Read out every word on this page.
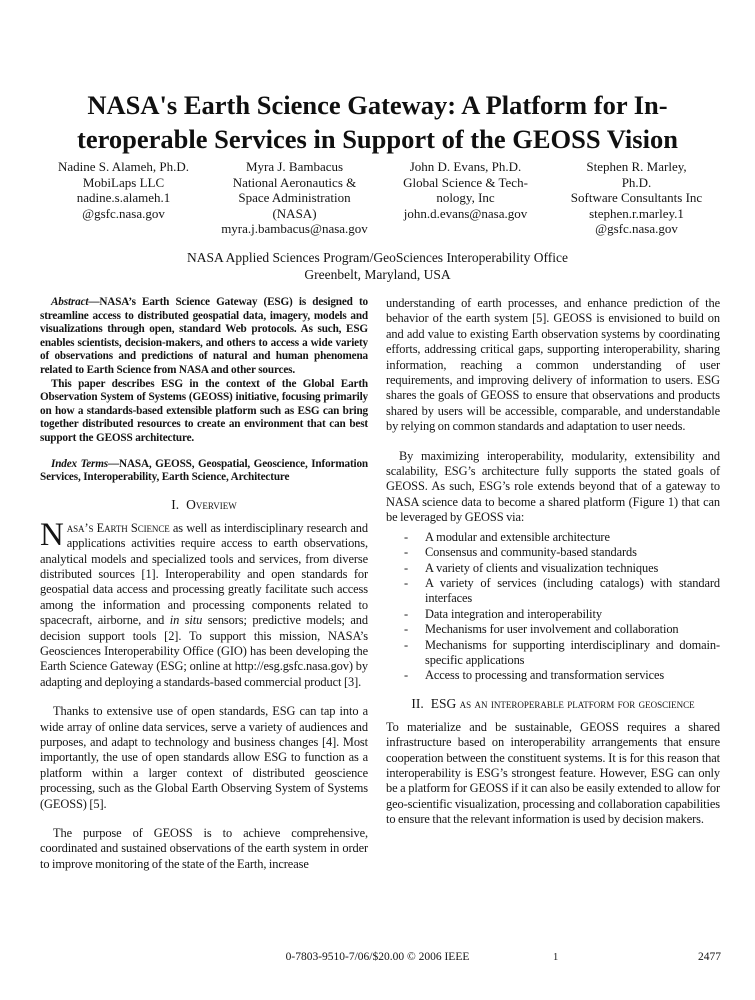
NASA's Earth Science Gateway: A Platform for In-
teroperable Services in Support of the GEOSS Vision
Nadine S. Alameh, Ph.D.
MobiLaps LLC
nadine.s.alameh.1
@gsfc.nasa.gov
Myra J. Bambacus
National Aeronautics &
Space Administration
(NASA)
myra.j.bambacus@nasa.gov
John D. Evans, Ph.D.
Global Science & Tech-
nology, Inc
john.d.evans@nasa.gov
Stephen R. Marley,
Ph.D.
Software Consultants Inc
stephen.r.marley.1
@gsfc.nasa.gov
NASA Applied Sciences Program/GeoSciences Interoperability Office
Greenbelt, Maryland, USA

Abstract—NASA’s Earth Science Gateway (ESG) is designed to streamline access to distributed geospatial data, imagery, models and visualizations through open, standard Web protocols. As such, ESG enables scientists, decision-makers, and others to access a wide variety of observations and predictions of natural and human phenomena related to Earth Science from NASA and other sources.

This paper describes ESG in the context of the Global Earth Observation System of Systems (GEOSS) initiative, focusing primarily on how a standards-based extensible platform such as ESG can bring together distributed resources to create an environment that can best support the GEOSS architecture.

Index Terms—NASA, GEOSS, Geospatial, Geoscience, Information Services, Interoperability, Earth Science, Architecture

I. Overview

Nasa’s Earth Science as well as interdisciplinary research and applications activities require access to earth observations, analytical models and specialized tools and services, from diverse distributed sources [1]. Interoperability and open standards for geospatial data access and processing greatly facilitate such access among the information and processing components related to spacecraft, airborne, and in situ sensors; predictive models; and decision support tools [2]. To support this mission, NASA’s Geosciences Interoperability Office (GIO) has been developing the Earth Science Gateway (ESG; online at http://esg.gsfc.nasa.gov) by adapting and deploying a standards-based commercial product [3].

Thanks to extensive use of open standards, ESG can tap into a wide array of online data services, serve a variety of audiences and purposes, and adapt to technology and business changes [4]. Most importantly, the use of open standards allow ESG to function as a platform within a larger context of distributed geoscience processing, such as the Global Earth Observing System of Systems (GEOSS) [5].

The purpose of GEOSS is to achieve comprehensive, coordinated and sustained observations of the earth system in order to improve monitoring of the state of the Earth, increase

understanding of earth processes, and enhance prediction of the behavior of the earth system [5]. GEOSS is envisioned to build on and add value to existing Earth observation systems by coordinating efforts, addressing critical gaps, supporting interoperability, sharing information, reaching a common understanding of user requirements, and improving delivery of information to users. ESG shares the goals of GEOSS to ensure that observations and products shared by users will be accessible, comparable, and understandable by relying on common standards and adaptation to user needs.

By maximizing interoperability, modularity, extensibility and scalability, ESG’s architecture fully supports the stated goals of GEOSS. As such, ESG’s role extends beyond that of a gateway to NASA science data to become a shared platform (Figure 1) that can be leveraged by GEOSS via:

- A modular and extensible architecture
- Consensus and community-based standards
- A variety of clients and visualization techniques
- A variety of services (including catalogs) with standard interfaces
- Data integration and interoperability
- Mechanisms for user involvement and collaboration
- Mechanisms for supporting interdisciplinary and domain-specific applications
- Access to processing and transformation services
II. ESG as an interoperable platform for geoscience

To materialize and be sustainable, GEOSS requires a shared infrastructure based on interoperability arrangements that ensure cooperation between the constituent systems. It is for this reason that interoperability is ESG’s strongest feature. However, ESG can only be a platform for GEOSS if it can also be easily extended to allow for geo-scientific visualization, processing and collaboration capabilities to ensure that the relevant information is used by decision makers.

0-7803-9510-7/06/$20.00 © 2006 IEEE	1	2477
